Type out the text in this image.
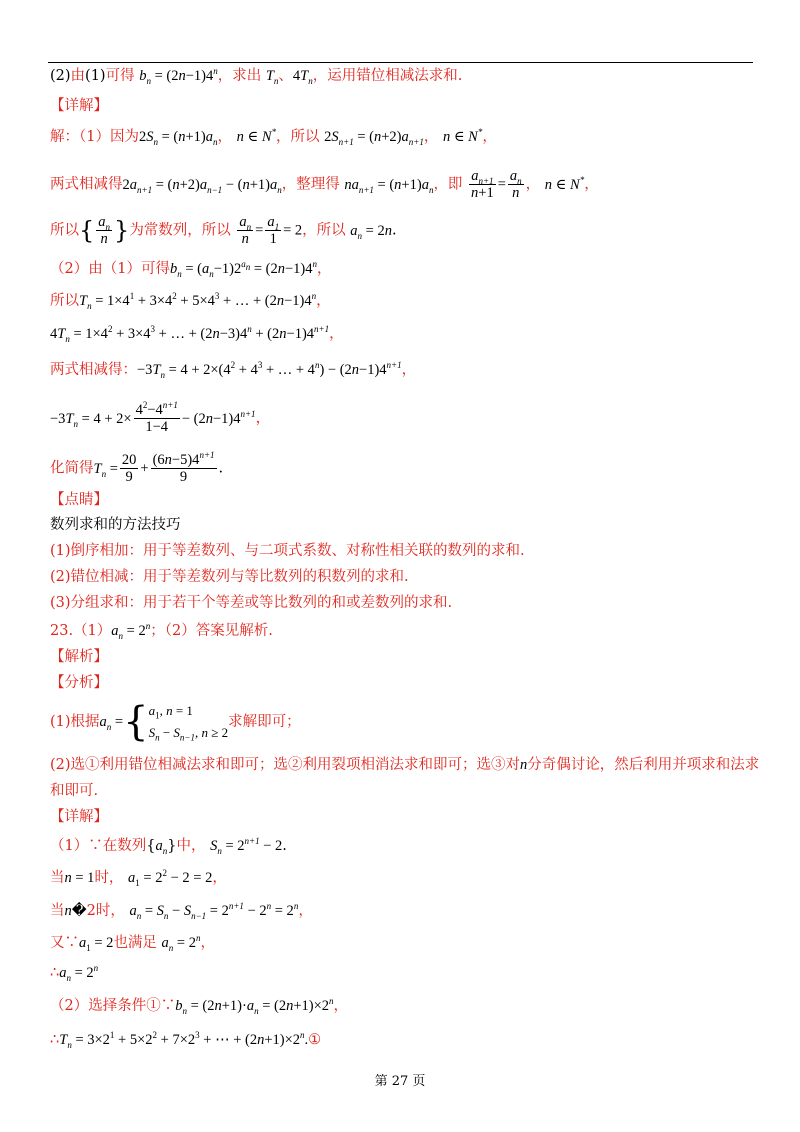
(2)由(1)可得 $b_n = (2n-1)4^n$，求出 $T_n$、$4T_n$，运用错位相减法求和.
【详解】
解：（1）因为$2S_n = (n+1)a_n$， n ∈ N*，所以 $2S_{n+1} = (n+2)a_{n+1}$， n ∈ N*，
两式相减得$2a_{n+1} = (n+2)a_{n-1} - (n+1)a_n$，整理得 $na_{n+1} = (n+1)a_n$，即 $\frac{a_{n+1}}{n+1} = \frac{a_n}{n}$ ， n ∈ N*，
所以{ $\frac{a_n}{n}$ }为常数列，所以 $\frac{a_n}{n} = \frac{a_1}{1} = 2$，所以 $a_n = 2n$.
（2）由（1）可得$b_n = (a_n-1)2^{a_n} = (2n-1)4^n$，
所以$T_n = 1\times 4^1 + 3\times 4^2 + 5\times 4^3$ + … + $(2n-1)4^n$，
$4T_n = 1\times 4^2 + 3\times 4^3$ + … + $(2n-3)4^n + (2n-1)4^{n+1}$，
两式相减得：$-3T_n = 4 + 2\times(4^2 + 4^3$ + … + $4^n) - (2n-1)4^{n+1}$，
$-3T_n = 4 + 2\times \frac{4^2-4^{n+1}}{1-4} - (2n-1)4^{n+1}$，
化简得$T_n = \frac{20}{9} + \frac{(6n-5)4^{n+1}}{9}$ .
【点睛】
数列求和的方法技巧
(1)倒序相加：用于等差数列、与二项式系数、对称性相关联的数列的求和.
(2)错位相减：用于等差数列与等比数列的积数列的求和.
(3)分组求和：用于若干个等差或等比数列的和或差数列的求和.
$23.(1)a_n = 2^n$；（2）答案见解析.
【解析】
【分析】
(1)根据$a_n$ ={ $a_1$, n = 1
$S_n - S_{n-1}$, n ≥ 2
求解即可；
(2)选①利用错位相减法求和即可；选②利用裂项相消法求和即可；选③对n分奇偶讨论，然后利用并项求和法求
和即可.
【详解】
（1）∵在数列$\{a_n\}$中， $S_n = 2^{n+1} - 2$.
当n = 1时， $a_1 = 2^2 - 2 = 2$，
当n�2时， $a_n = S_n - S_{n-1} = 2^{n+1} - 2^n = 2^n$，
又$\because a_1 = 2$也满足 $a_n = 2^n$，
$\therefore a_n = 2^n$
（2）选择条件$①\because b_n = (2n+1)\cdot a_n = (2n+1)\times 2^n$，
$\therefore T_n = 3\times 2^1 + 5\times 2^2 + 7\times 2^3$ + ⋯ + $(2n+1)\times 2^n.①$
第 27 页
